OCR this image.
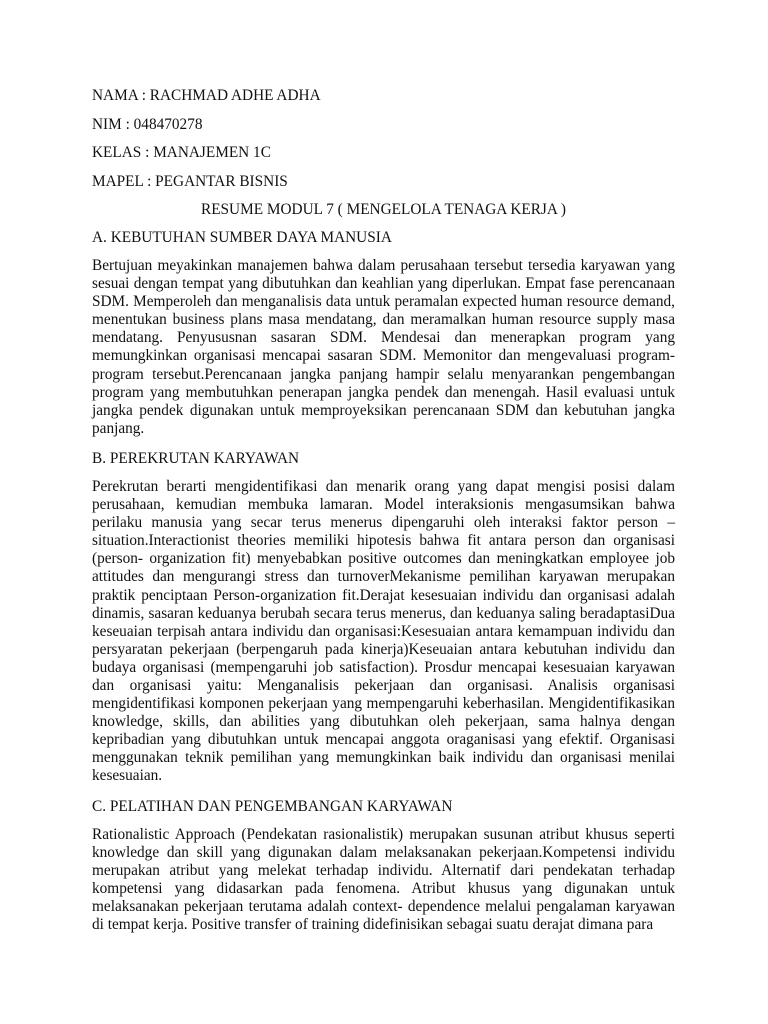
NAMA : RACHMAD ADHE ADHA
NIM : 048470278
KELAS : MANAJEMEN 1C
MAPEL : PEGANTAR BISNIS
RESUME MODUL 7 ( MENGELOLA TENAGA KERJA )
A. KEBUTUHAN SUMBER DAYA MANUSIA

Bertujuan meyakinkan manajemen bahwa dalam perusahaan tersebut tersedia karyawan yang sesuai dengan tempat yang dibutuhkan dan keahlian yang diperlukan. Empat fase perencanaan SDM. Memperoleh dan menganalisis data untuk peramalan expected human resource demand, menentukan business plans masa mendatang, dan meramalkan human resource supply masa mendatang. Penyususnan sasaran SDM. Mendesai dan menerapkan program yang memungkinkan organisasi mencapai sasaran SDM. Memonitor dan mengevaluasi program-program tersebut.Perencanaan jangka panjang hampir selalu menyarankan pengembangan program yang membutuhkan penerapan jangka pendek dan menengah. Hasil evaluasi untuk jangka pendek digunakan untuk memproyeksikan perencanaan SDM dan kebutuhan jangka panjang.

B. PEREKRUTAN KARYAWAN

Perekrutan berarti mengidentifikasi dan menarik orang yang dapat mengisi posisi dalam perusahaan, kemudian membuka lamaran. Model interaksionis mengasumsikan bahwa perilaku manusia yang secar terus menerus dipengaruhi oleh interaksi faktor person – situation.Interactionist theories memiliki hipotesis bahwa fit antara person dan organisasi (person- organization fit) menyebabkan positive outcomes dan meningkatkan employee job attitudes dan mengurangi stress dan turnoverMekanisme pemilihan karyawan merupakan praktik penciptaan Person-organization fit.Derajat kesesuaian individu dan organisasi adalah dinamis, sasaran keduanya berubah secara terus menerus, dan keduanya saling beradaptasiDua keseuaian terpisah antara individu dan organisasi:Kesesuaian antara kemampuan individu dan persyaratan pekerjaan (berpengaruh pada kinerja)Keseuaian antara kebutuhan individu dan budaya organisasi (mempengaruhi job satisfaction). Prosdur mencapai kesesuaian karyawan dan organisasi yaitu: Menganalisis pekerjaan dan organisasi. Analisis organisasi mengidentifikasi komponen pekerjaan yang mempengaruhi keberhasilan. Mengidentifikasikan knowledge, skills, dan abilities yang dibutuhkan oleh pekerjaan, sama halnya dengan kepribadian yang dibutuhkan untuk mencapai anggota oraganisasi yang efektif. Organisasi menggunakan teknik pemilihan yang memungkinkan baik individu dan organisasi menilai kesesuaian.

C. PELATIHAN DAN PENGEMBANGAN KARYAWAN

Rationalistic Approach (Pendekatan rasionalistik) merupakan susunan atribut khusus seperti knowledge dan skill yang digunakan dalam melaksanakan pekerjaan.Kompetensi individu merupakan atribut yang melekat terhadap individu. Alternatif dari pendekatan terhadap kompetensi yang didasarkan pada fenomena. Atribut khusus yang digunakan untuk melaksanakan pekerjaan terutama adalah context- dependence melalui pengalaman karyawan di tempat kerja. Positive transfer of training didefinisikan sebagai suatu derajat dimana para
